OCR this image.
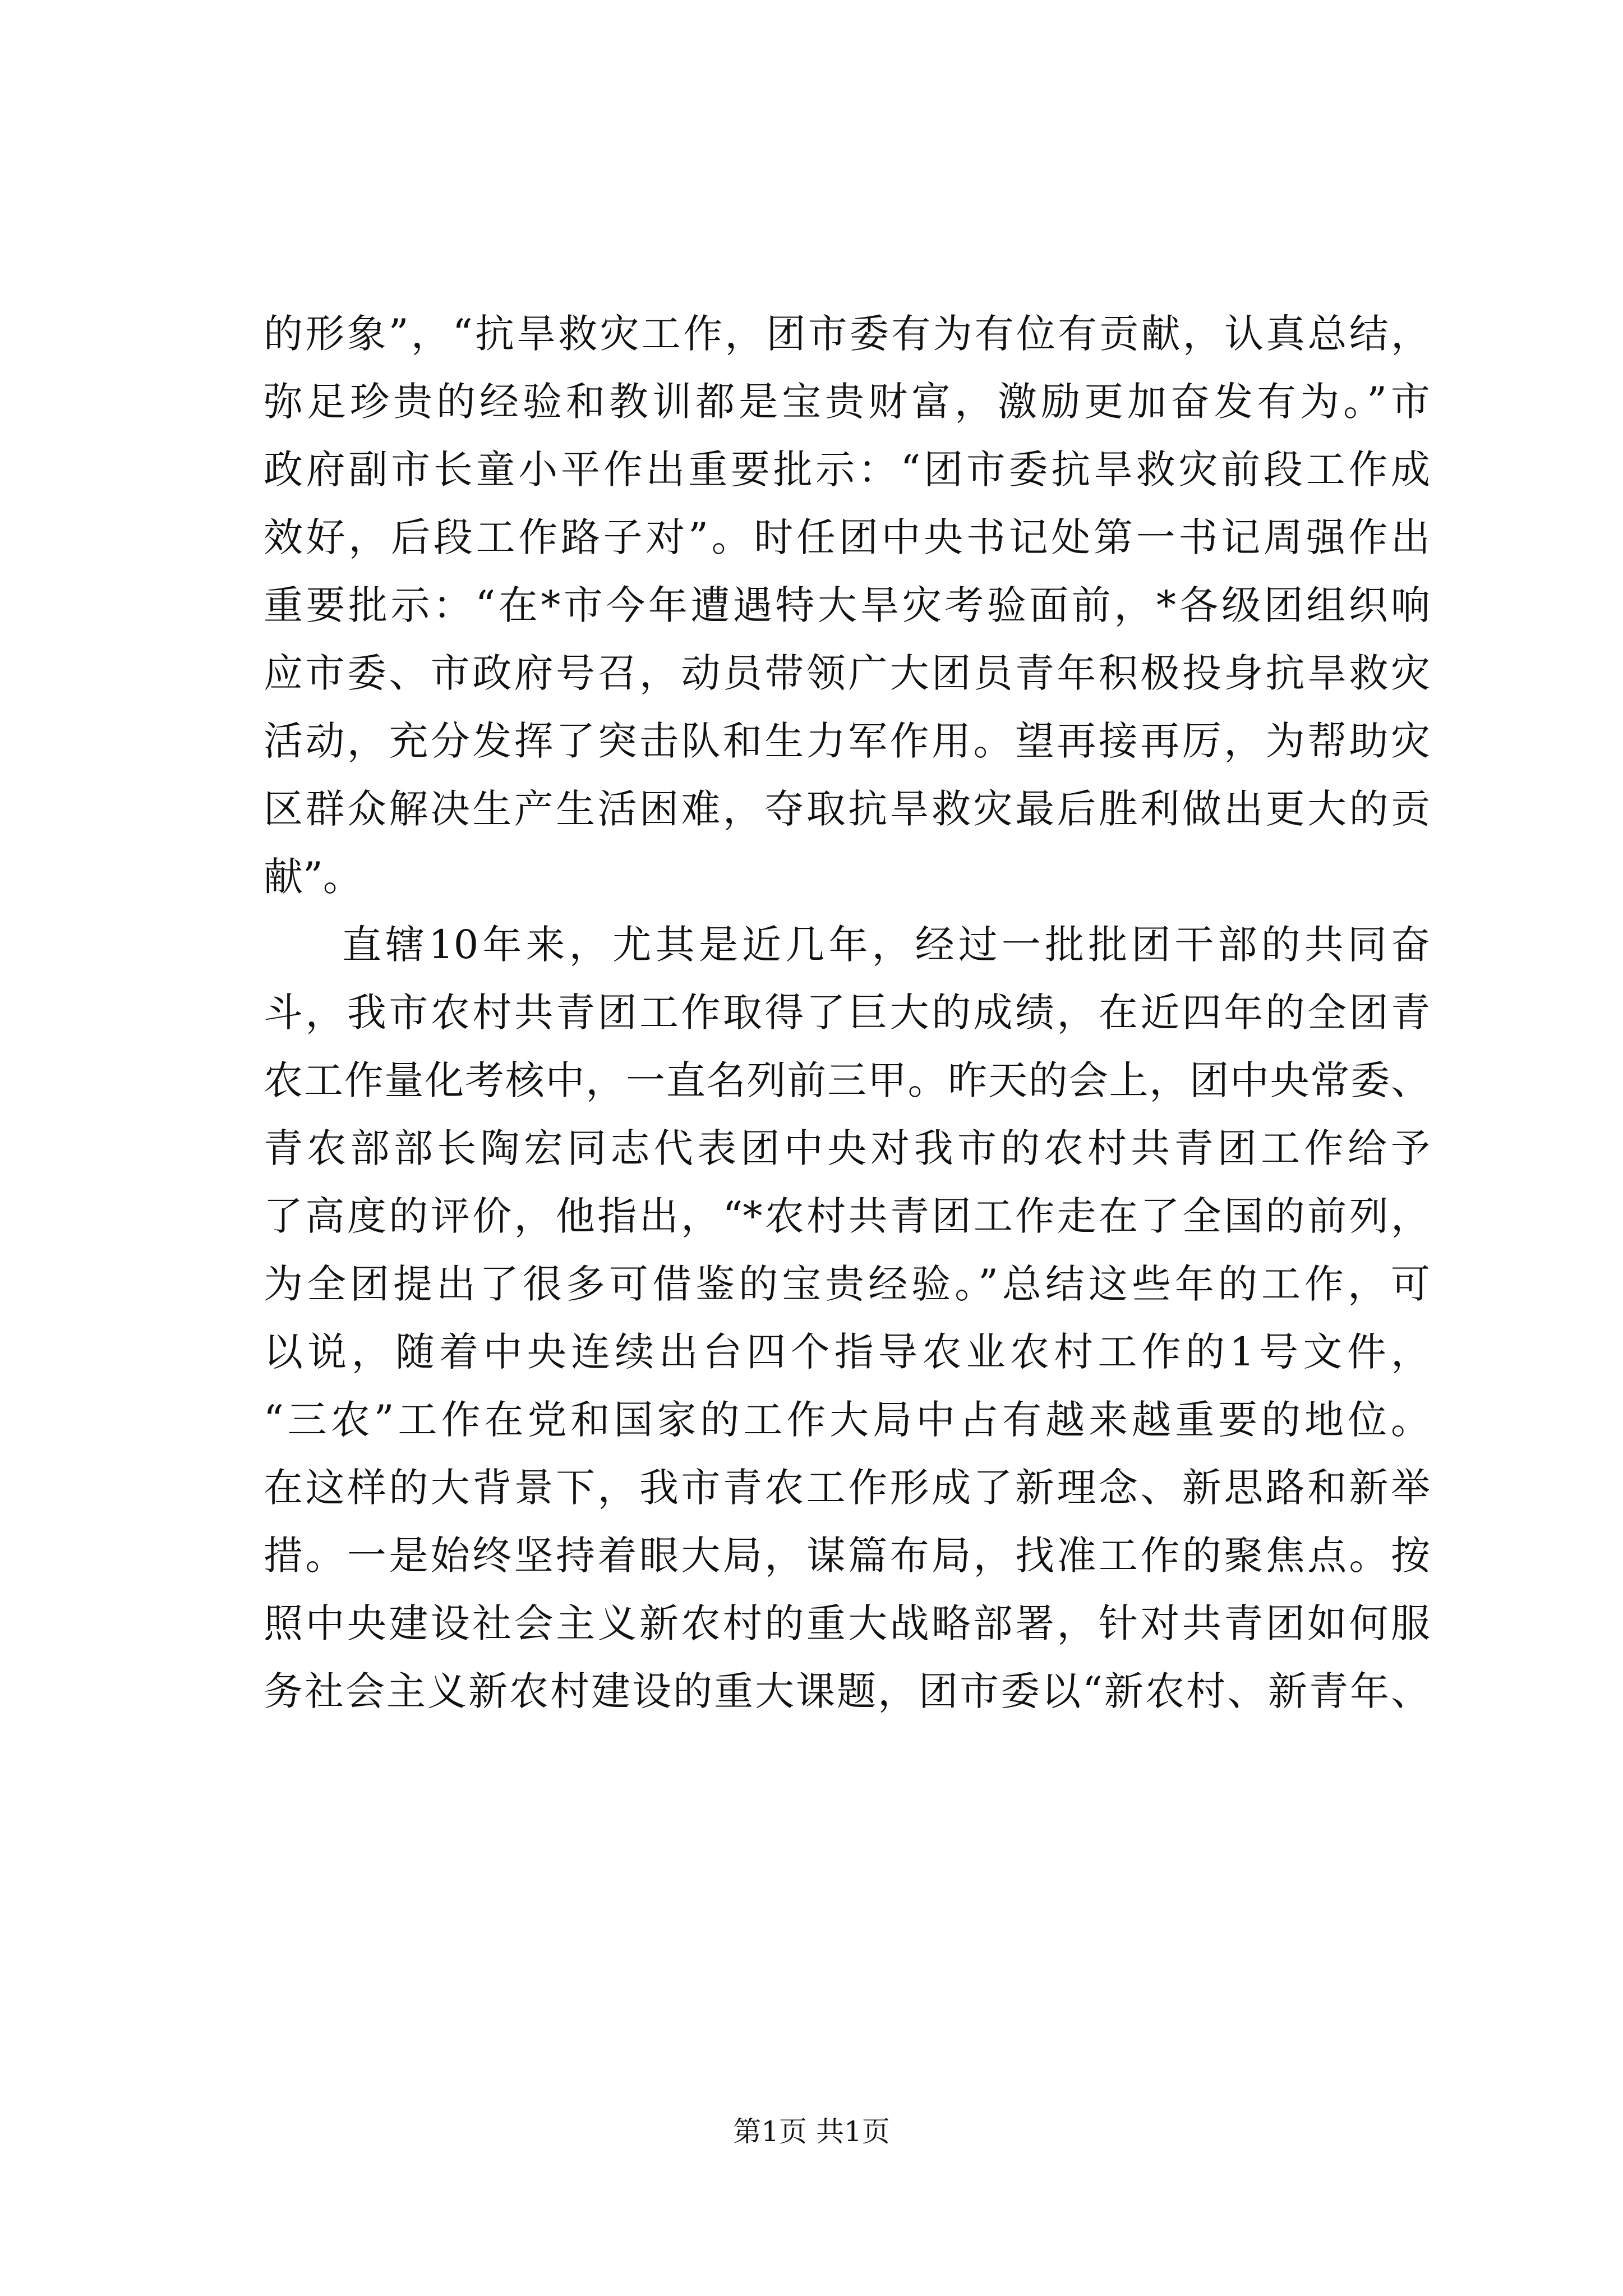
的形象”，“抗旱救灾工作，团市委有为有位有贡献，认真总结，
弥足珍贵的经验和教训都是宝贵财富，激励更加奋发有为。”市
政府副市长童小平作出重要批示：“团市委抗旱救灾前段工作成
效好，后段工作路子对”。时任团中央书记处第一书记周强作出
重要批示：“在*市今年遭遇特大旱灾考验面前，*各级团组织响
应市委、市政府号召，动员带领广大团员青年积极投身抗旱救灾
活动，充分发挥了突击队和生力军作用。望再接再厉，为帮助灾
区群众解决生产生活困难，夺取抗旱救灾最后胜利做出更大的贡
献”。
直辖10年来，尤其是近几年，经过一批批团干部的共同奋
斗，我市农村共青团工作取得了巨大的成绩，在近四年的全团青
农工作量化考核中，一直名列前三甲。昨天的会上，团中央常委、
青农部部长陶宏同志代表团中央对我市的农村共青团工作给予
了高度的评价，他指出，“*农村共青团工作走在了全国的前列，
为全团提出了很多可借鉴的宝贵经验。”总结这些年的工作，可
以说，随着中央连续出台四个指导农业农村工作的1号文件，
“三农”工作在党和国家的工作大局中占有越来越重要的地位。
在这样的大背景下，我市青农工作形成了新理念、新思路和新举
措。一是始终坚持着眼大局，谋篇布局，找准工作的聚焦点。按
照中央建设社会主义新农村的重大战略部署，针对共青团如何服
务社会主义新农村建设的重大课题，团市委以“新农村、新青年、
第1页 共1页
